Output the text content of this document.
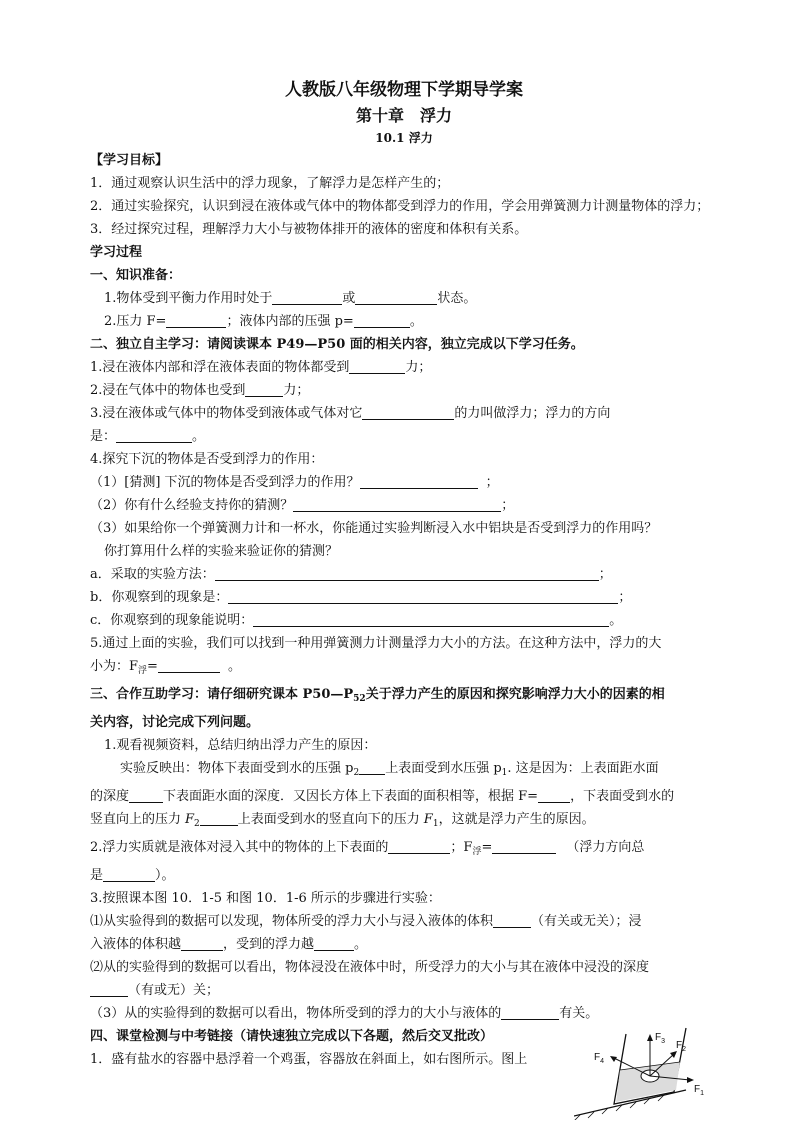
人教版八年级物理下学期导学案

第十章　浮力

10.1 浮力

【学习目标】

1．通过观察认识生活中的浮力现象，了解浮力是怎样产生的；

2．通过实验探究，认识到浸在液体或气体中的物体都受到浮力的作用，学会用弹簧测力计测量物体的浮力；

3．经过探究过程，理解浮力大小与被物体排开的液体的密度和体积有关系。

学习过程

一、知识准备：

1.物体受到平衡力作用时处于	或	状态。

2.压力 F=	；液体内部的压强 p=	。

二、独立自主学习：请阅读课本 P49—P50 面的相关内容，独立完成以下学习任务。

1.浸在液体内部和浮在液体表面的物体都受到	力；

2.浸在气体中的物体也受到	力；

3.浸在液体或气体中的物体受到液体或气体对它	的力叫做浮力；浮力的方向

是：	。

4.探究下沉的物体是否受到浮力的作用：

（1）[猜测] 下沉的物体是否受到浮力的作用？	；

（2）你有什么经验支持你的猜测？	；

（3）如果给你一个弹簧测力计和一杯水，你能通过实验判断浸入水中铝块是否受到浮力的作用吗？

你打算用什么样的实验来验证你的猜测？

a．采取的实验方法：	；

b．你观察到的现象是：	；

c．你观察到的现象能说明：	。

5.通过上面的实验，我们可以找到一种用弹簧测力计测量浮力大小的方法。在这种方法中，浮力的大

小为：$F_浮=$	。

三、合作互助学习：请仔细研究课本 $P50—P_{52}$关于浮力产生的原因和探究影响浮力大小的因素的相

关内容，讨论完成下列问题。

1.观看视频资料，总结归纳出浮力产生的原因：

实验反映出：物体下表面受到水的压强 $p_2$ 上表面受到水压强 $p_1$. 这是因为：上表面距水面

的深度	下表面距水面的深度．又因长方体上下表面的面积相等，根据 F= ，下表面受到水的

竖直向上的压力 $F_2$	上表面受到水的竖直向下的压力 $F_1$，这就是浮力产生的原因。

2.浮力实质就是液体对浸入其中的物体的上下表面的	；$F_浮=$	（浮力方向总

是	）。

3.按照课本图 10．1-5 和图 10．1-6 所示的步骤进行实验：

⑴从实验得到的数据可以发现，物体所受的浮力大小与浸入液体的体积	（有关或无关）；浸

入液体的体积越	，受到的浮力越	。

⑵从的实验得到的数据可以看出，物体浸没在液体中时，所受浮力的大小与其在液体中浸没的深度

（有或无）关；

（3）从的实验得到的数据可以看出，物体所受到的浮力的大小与液体的	有关。

四、课堂检测与中考链接（请快速独立完成以下各题，然后交叉批改）

1．盛有盐水的容器中悬浮着一个鸡蛋，容器放在斜面上，如右图所示。图上

$F_3$ $F_2$
$F_1$
$F_4$
